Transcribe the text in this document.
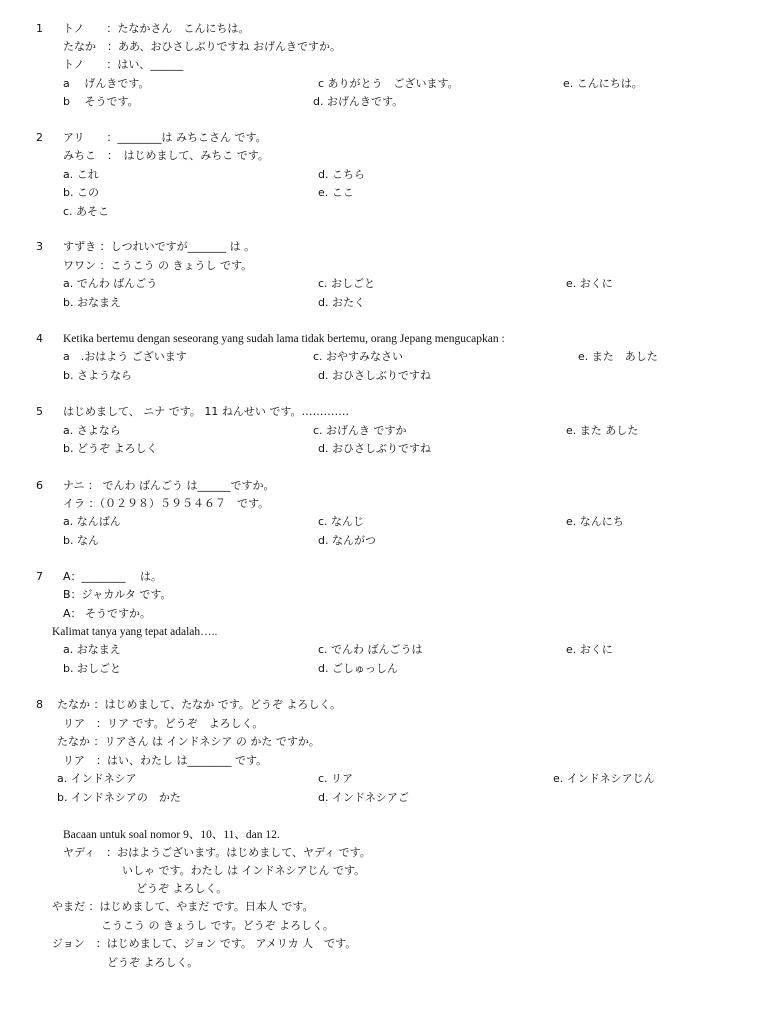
1 トノ　　：たなかさん　こんにちは。
たなか　：ああ、おひさしぶりですね おげんきですか。
トノ　　：はい、______
a　 げんきです。	c ありがとう　ございます。	e. こんにちは。
b　 そうです。	d. おげんきです。
2 アリ　　：________は みちこさん です。
みちこ　：　はじめまして、みちこ です。
a. これ	d. こちら
b. この	e. ここ
c. あそこ
3 すずき ：しつれいですが_______ は 。
ワワン ：こうこう の きょうし です。
a. でんわ ばんごう	c. おしごと	e. おくに
b. おなまえ	d. おたく
4 Ketika bertemu dengan seseorang yang sudah lama tidak bertemu, orang Jepang mengucapkan :
a　.おはよう ございます	c. おやすみなさい	e. また　あした
b. さようなら	d. おひさしぶりですね
5 はじめまして、 ニナ です。 11 ねんせい です。………….
a. さよなら	c. おげんき ですか	e. また あした
b. どうぞ よろしく	d. おひさしぶりですね
6 ナニ ： でんわ ばんごう は______ですか。
イラ ：（０２９８）５９５４６７　です。
a. なんばん	c. なんじ	e. なんにち
b. なん	d. なんがつ
7 A：________　 は。
B：ジャカルタ です。
A： そうですか。
Kalimat tanya yang tepat adalah…..
a. おなまえ	c. でんわ ばんごうは	e. おくに
b. おしごと	d. ごしゅっしん
8 たなか ：はじめまして、たなか です。どうぞ よろしく。
リア　：リア です。どうぞ　よろしく。
たなか ：リアさん は インドネシア の かた ですか。
リア　：はい、わたし は________ です。
a. インドネシア	c. リア	e. インドネシアじん
b. インドネシアの　かた	d. インドネシアご
Bacaan untuk soal nomor 9、10、11、dan 12.
ヤディ　：おはようございます。はじめまして、ヤディ です。
いしゃ です。わたし は インドネシアじん です。
どうぞ よろしく。
やまだ ：はじめまして、やまだ です。日本人 です。
こうこう の きょうし です。どうぞ よろしく。
ジョン　：はじめまして、ジョン です。 アメリカ 人　です。
どうぞ よろしく。
